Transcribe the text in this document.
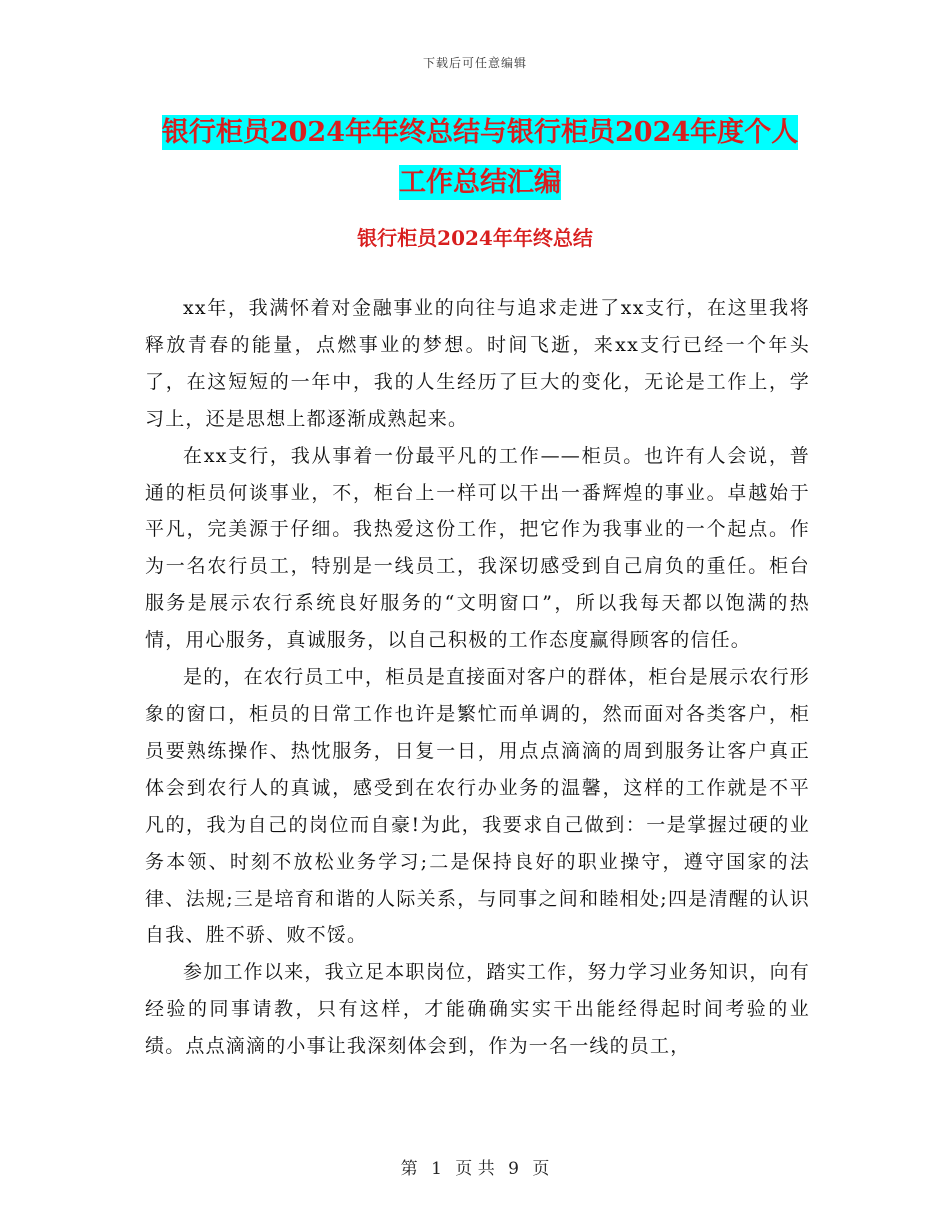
下载后可任意编辑
银行柜员2024年年终总结与银行柜员2024年度个人
工作总结汇编
银行柜员2024年年终总结

xx年，我满怀着对金融事业的向往与追求走进了xx支行，在这里我将释放青春的能量，点燃事业的梦想。时间飞逝，来xx支行已经一个年头了，在这短短的一年中，我的人生经历了巨大的变化，无论是工作上，学习上，还是思想上都逐渐成熟起来。

在xx支行，我从事着一份最平凡的工作——柜员。也许有人会说，普通的柜员何谈事业，不，柜台上一样可以干出一番辉煌的事业。卓越始于平凡，完美源于仔细。我热爱这份工作，把它作为我事业的一个起点。作为一名农行员工，特别是一线员工，我深切感受到自己肩负的重任。柜台服务是展示农行系统良好服务的“文明窗口”，所以我每天都以饱满的热情，用心服务，真诚服务，以自己积极的工作态度赢得顾客的信任。

是的，在农行员工中，柜员是直接面对客户的群体，柜台是展示农行形象的窗口，柜员的日常工作也许是繁忙而单调的，然而面对各类客户，柜员要熟练操作、热忱服务，日复一日，用点点滴滴的周到服务让客户真正体会到农行人的真诚，感受到在农行办业务的温馨，这样的工作就是不平凡的，我为自己的岗位而自豪!为此，我要求自己做到：一是掌握过硬的业务本领、时刻不放松业务学习;二是保持良好的职业操守，遵守国家的法律、法规;三是培育和谐的人际关系，与同事之间和睦相处;四是清醒的认识自我、胜不骄、败不馁。

参加工作以来，我立足本职岗位，踏实工作，努力学习业务知识，向有经验的同事请教，只有这样，才能确确实实干出能经得起时间考验的业绩。点点滴滴的小事让我深刻体会到，作为一名一线的员工，

第 1 页 共 9 页
